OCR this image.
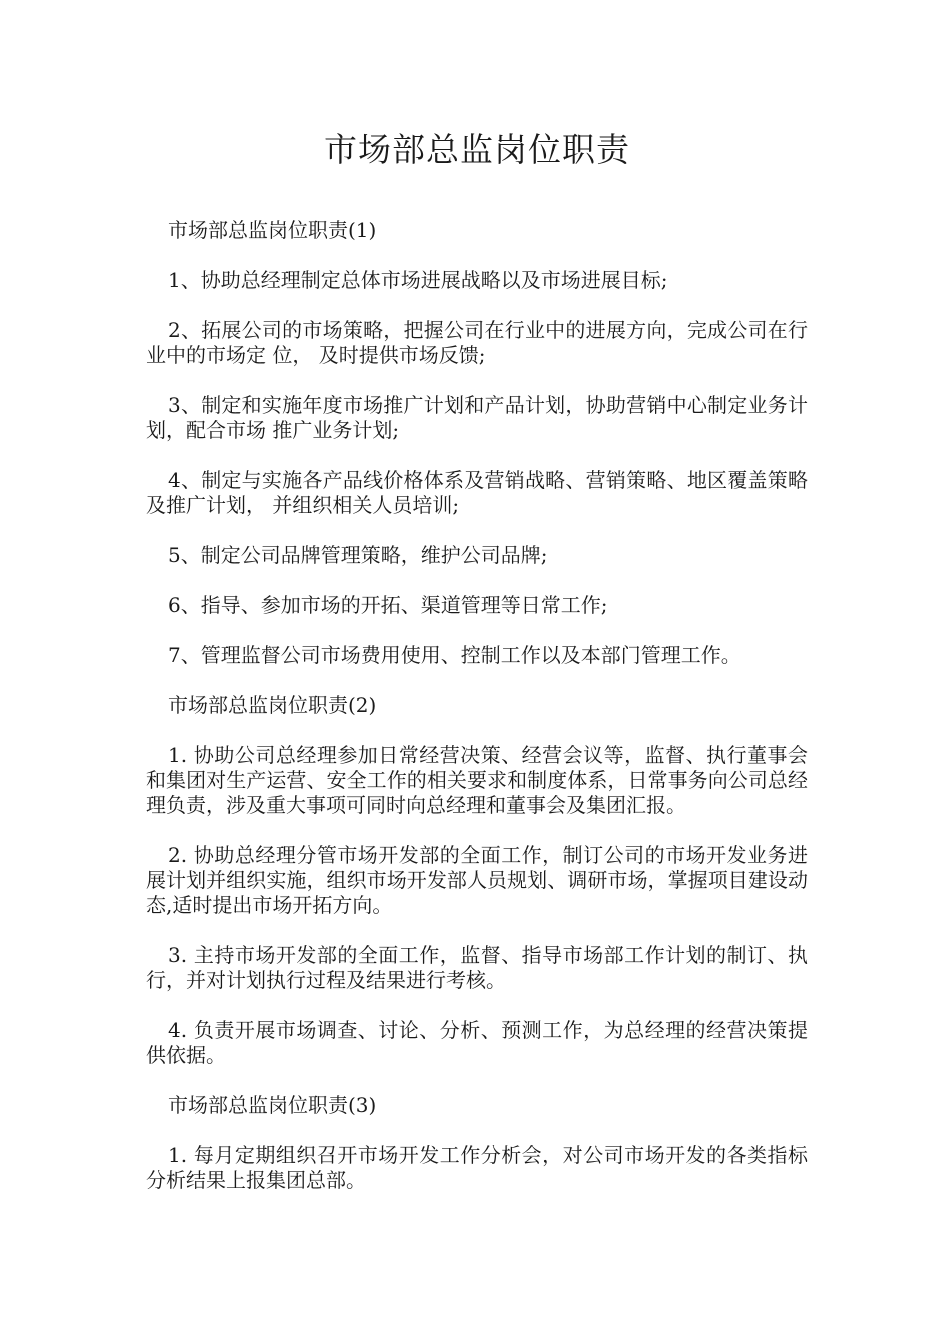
市场部总监岗位职责

市场部总监岗位职责(1)

1、协助总经理制定总体市场进展战略以及市场进展目标;

2、拓展公司的市场策略，把握公司在行业中的进展方向，完成公司在行业中的市场定 位， 及时提供市场反馈;

3、制定和实施年度市场推广计划和产品计划，协助营销中心制定业务计划，配合市场 推广业务计划;

4、制定与实施各产品线价格体系及营销战略、营销策略、地区覆盖策略及推广计划， 并组织相关人员培训;

5、制定公司品牌管理策略，维护公司品牌;

6、指导、参加市场的开拓、渠道管理等日常工作;

7、管理监督公司市场费用使用、控制工作以及本部门管理工作。

市场部总监岗位职责(2)

1. 协助公司总经理参加日常经营决策、经营会议等，监督、执行董事会和集团对生产运营、安全工作的相关要求和制度体系，日常事务向公司总经理负责，涉及重大事项可同时向总经理和董事会及集团汇报。

2. 协助总经理分管市场开发部的全面工作，制订公司的市场开发业务进展计划并组织实施，组织市场开发部人员规划、调研市场，掌握项目建设动态,适时提出市场开拓方向。

3. 主持市场开发部的全面工作，监督、指导市场部工作计划的制订、执行，并对计划执行过程及结果进行考核。

4. 负责开展市场调查、讨论、分析、预测工作，为总经理的经营决策提供依据。

市场部总监岗位职责(3)

1. 每月定期组织召开市场开发工作分析会，对公司市场开发的各类指标分析结果上报集团总部。
